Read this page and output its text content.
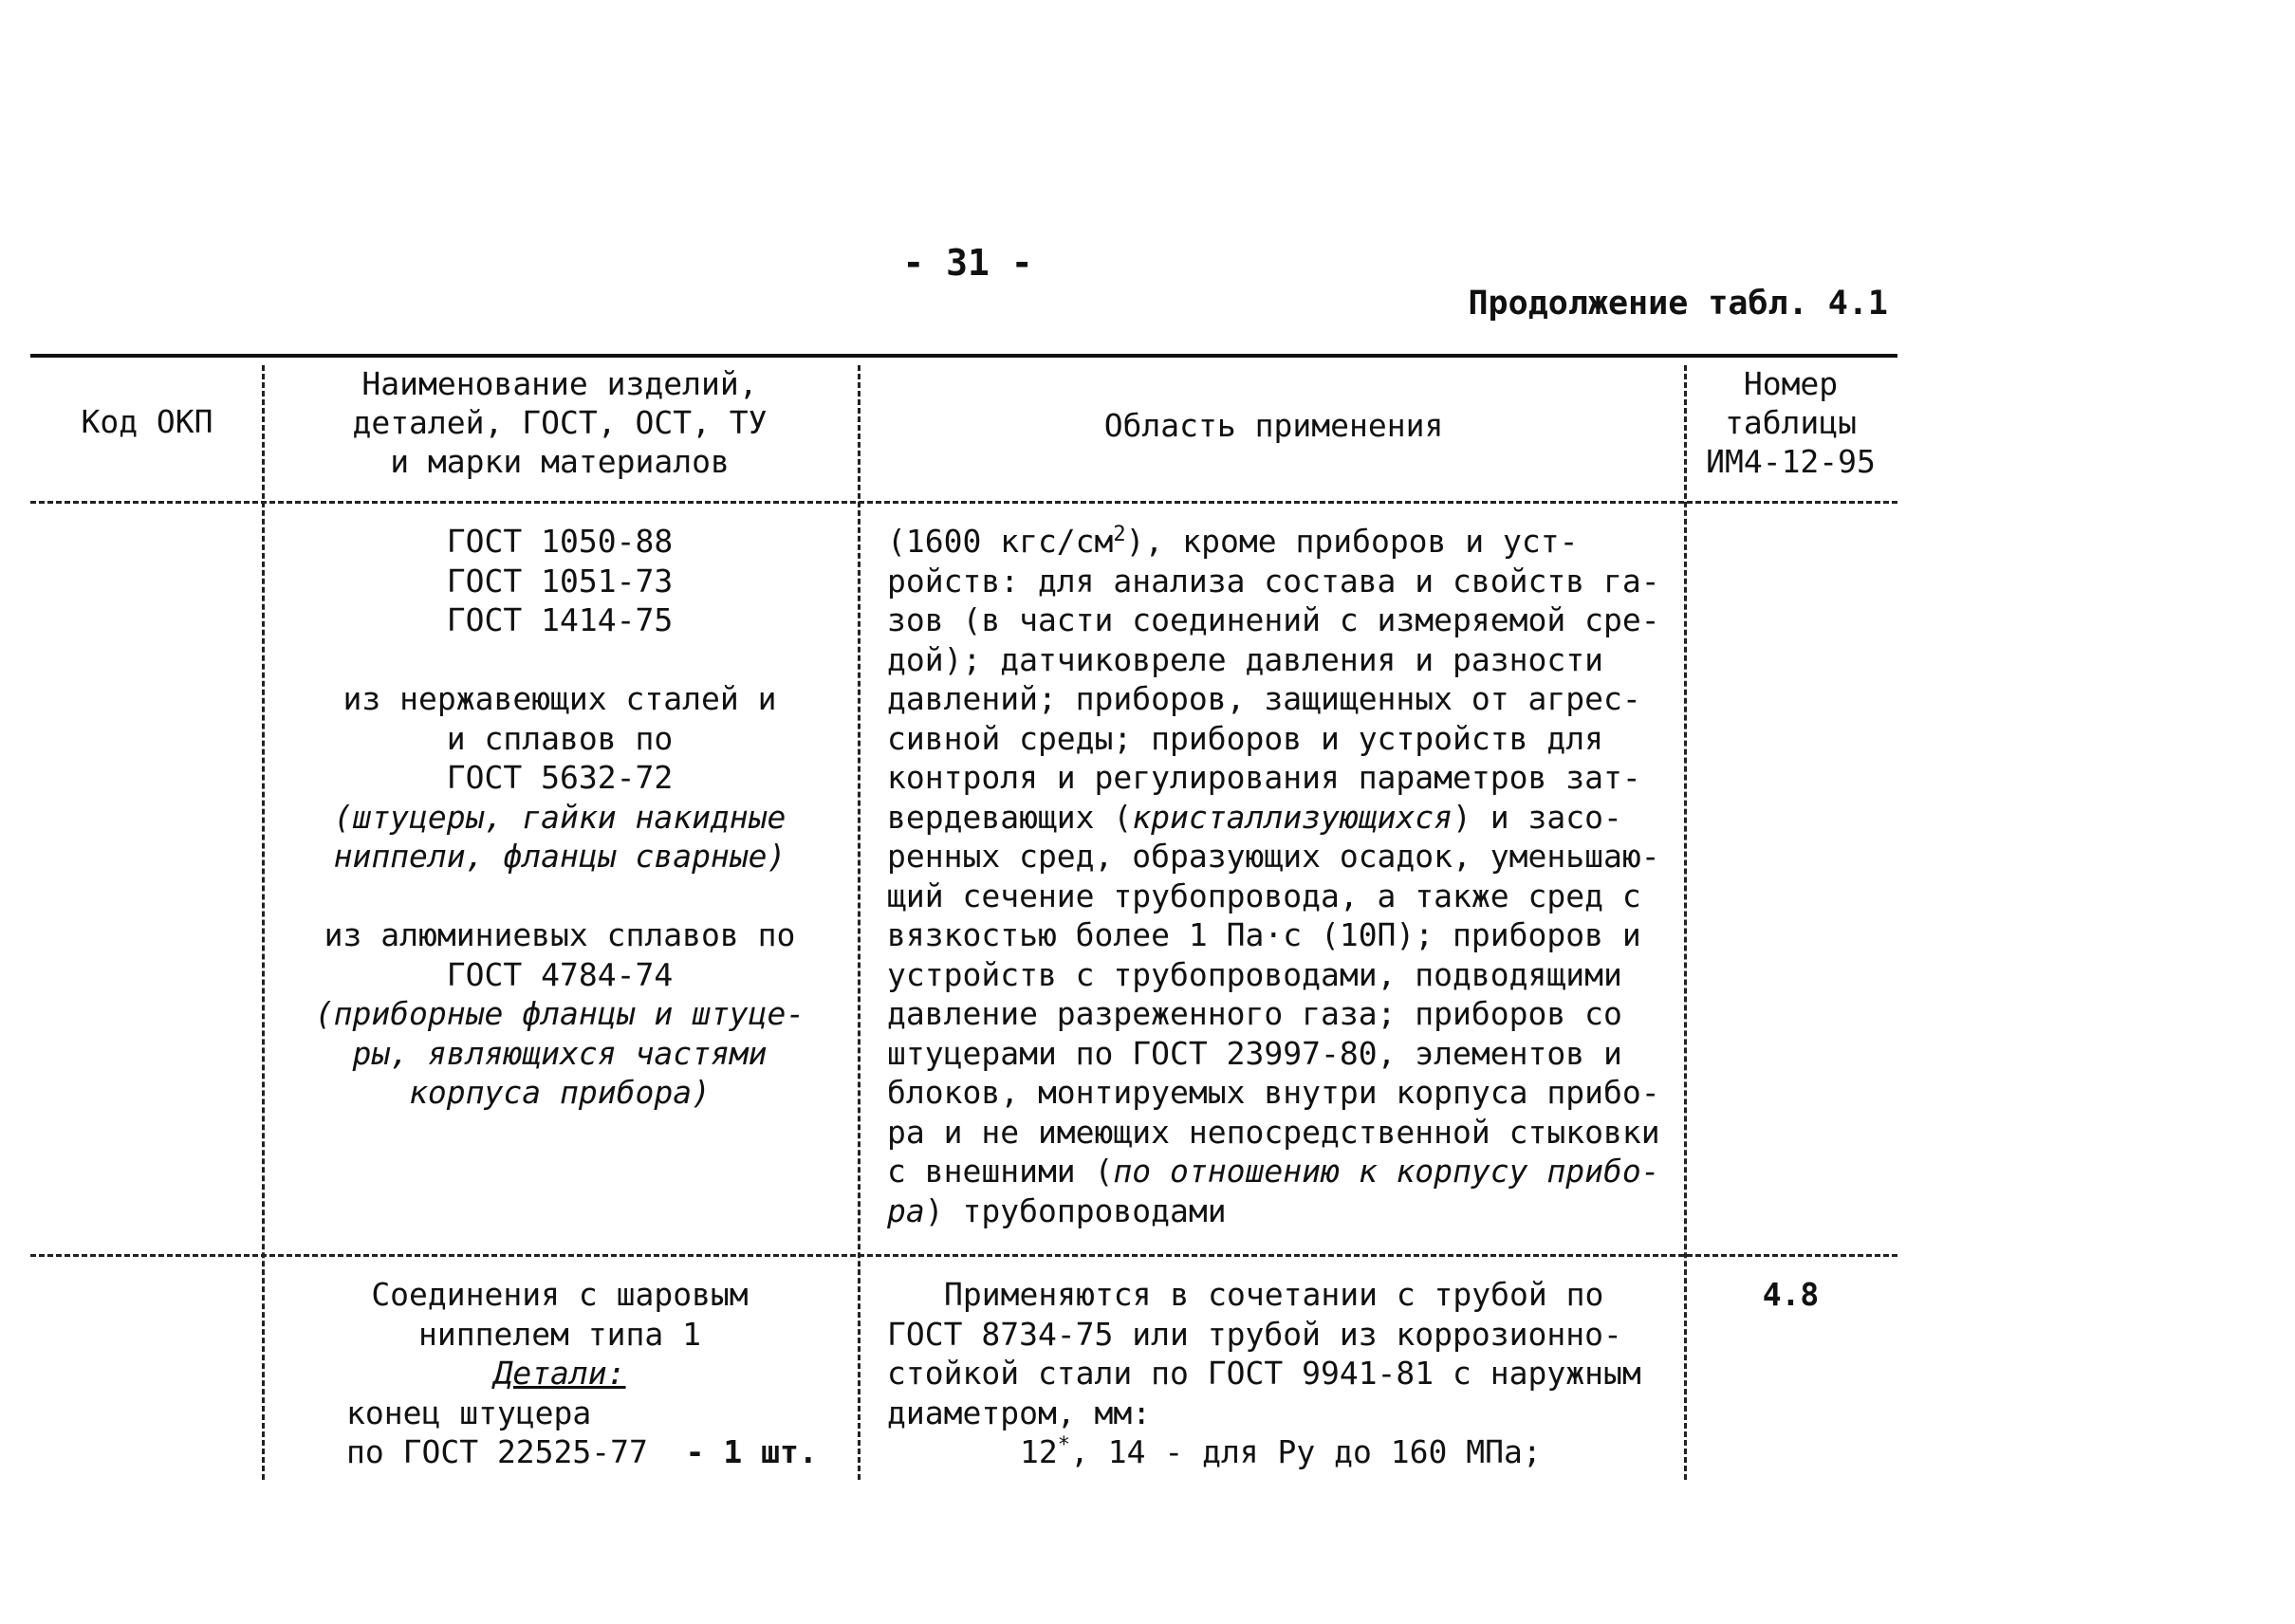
- 31 -
Продолжение табл. 4.1
Код ОКП
Наименование изделий,
деталей, ГОСТ, ОСТ, ТУ
и марки материалов
Область применения
Номер
таблицы
ИМ4-12-95
ГОСТ 1050-88
ГОСТ 1051-73
ГОСТ 1414-75

из нержавеющих сталей и
и сплавов по
ГОСТ 5632-72
(штуцеры, гайки накидные
ниппели, фланцы сварные)

из алюминиевых сплавов по
ГОСТ 4784-74
(приборные фланцы и штуце-
ры, являющихся частями
корпуса прибора)
(1600 кгс/$см^2$), кроме приборов и уст-
ройств: для анализа состава и свойств га-
зов (в части соединений с измеряемой сре-
дой); датчиковреле давления и разности
давлений; приборов, защищенных от агрес-
сивной среды; приборов и устройств для
контроля и регулирования параметров зат-
вердевающих (кристаллизующихся) и засо-
ренных сред, образующих осадок, уменьшаю-
щий сечение трубопровода, а также сред с
вязкостью более 1 Па·с (10П); приборов и
устройств с трубопроводами, подводящими
давление разреженного газа; приборов со
штуцерами по ГОСТ 23997-80, элементов и
блоков, монтируемых внутри корпуса прибо-
ра и не имеющих непосредственной стыковки
с внешними (по отношению к корпусу прибо-
ра) трубопроводами
Соединения с шаровым
ниппелем типа 1
Детали:
конец штуцера
по ГОСТ 22525-77 - 1 шт.
Применяются в сочетании с трубой по
ГОСТ 8734-75 или трубой из коррозионно-
стойкой стали по ГОСТ 9941-81 с наружным
диаметром, мм:
12*, 14 - для Ру до 160 МПа;
4.8
